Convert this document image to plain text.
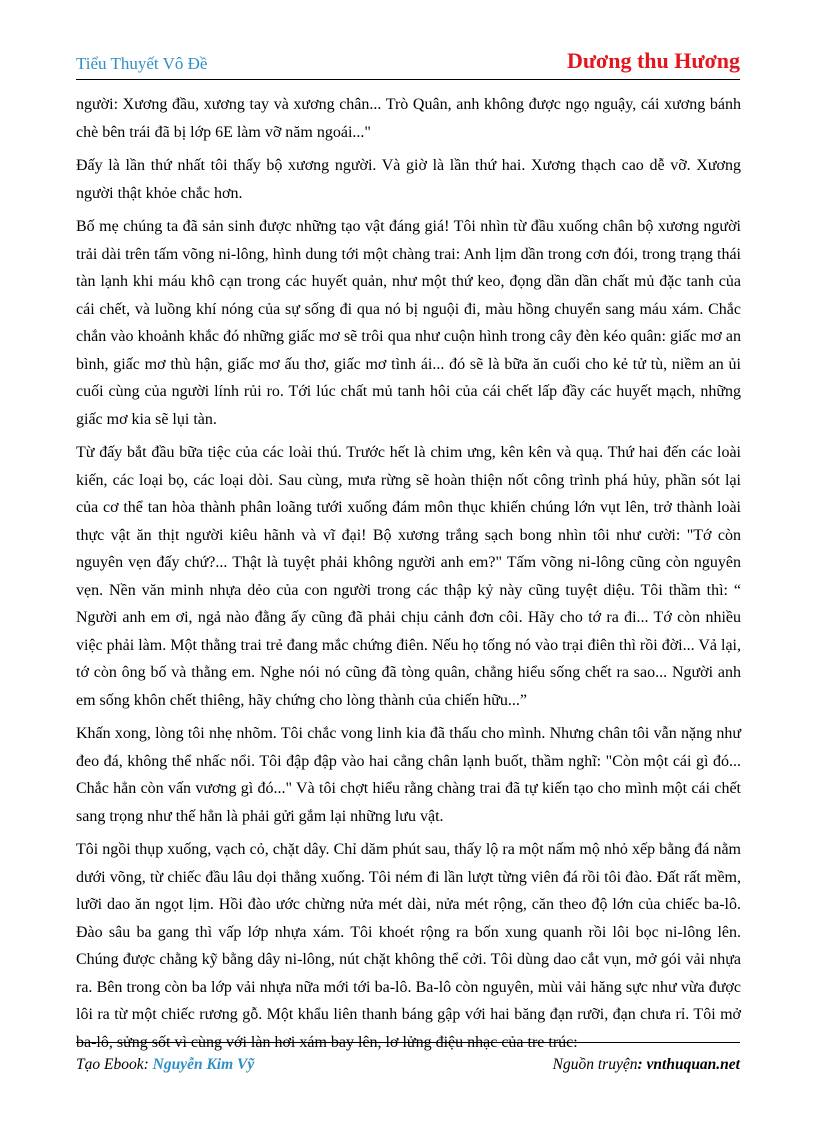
Tiểu Thuyết Vô Đề	Dương thu Hương

người: Xương đầu, xương tay và xương chân... Trò Quân, anh không được ngọ nguậy, cái xương bánh chè bên trái đã bị lớp 6E làm vỡ năm ngoái..."

Đấy là lần thứ nhất tôi thấy bộ xương người. Và giờ là lần thứ hai. Xương thạch cao dễ vỡ. Xương người thật khỏe chắc hơn.

Bố mẹ chúng ta đã sản sinh được những tạo vật đáng giá! Tôi nhìn từ đầu xuống chân bộ xương người trải dài trên tấm võng ni-lông, hình dung tới một chàng trai: Anh lịm dần trong cơn đói, trong trạng thái tàn lạnh khi máu khô cạn trong các huyết quản, như một thứ keo, đọng dần dần chất mủ đặc tanh của cái chết, và luồng khí nóng của sự sống đi qua nó bị nguội đi, màu hồng chuyển sang máu xám. Chắc chắn vào khoảnh khắc đó những giấc mơ sẽ trôi qua như cuộn hình trong cây đèn kéo quân: giấc mơ an bình, giấc mơ thù hận, giấc mơ ấu thơ, giấc mơ tình ái... đó sẽ là bữa ăn cuối cho kẻ tử tù, niềm an ủi cuối cùng của người lính rủi ro. Tới lúc chất mủ tanh hôi của cái chết lấp đầy các huyết mạch, những giấc mơ kia sẽ lụi tàn.

Từ đấy bắt đầu bữa tiệc của các loài thú. Trước hết là chim ưng, kên kên và quạ. Thứ hai đến các loài kiến, các loại bọ, các loại dòi. Sau cùng, mưa rừng sẽ hoàn thiện nốt công trình phá hủy, phần sót lại của cơ thể tan hòa thành phân loãng tưới xuống đám môn thục khiến chúng lớn vụt lên, trở thành loài thực vật ăn thịt người kiêu hãnh và vĩ đại! Bộ xương trắng sạch bong nhìn tôi như cười: "Tớ còn nguyên vẹn đấy chứ?... Thật là tuyệt phải không người anh em?" Tấm võng ni-lông cũng còn nguyên vẹn. Nền văn minh nhựa dẻo của con người trong các thập kỷ này cũng tuyệt diệu. Tôi thầm thì: “ Người anh em ơi, ngả nào đằng ấy cũng đã phải chịu cảnh đơn côi. Hãy cho tớ ra đi... Tớ còn nhiều việc phải làm. Một thằng trai trẻ đang mắc chứng điên. Nếu họ tống nó vào trại điên thì rồi đời... Vả lại, tớ còn ông bố và thằng em. Nghe nói nó cũng đã tòng quân, chẳng hiểu sống chết ra sao... Người anh em sống khôn chết thiêng, hãy chứng cho lòng thành của chiến hữu...”

Khấn xong, lòng tôi nhẹ nhõm. Tôi chắc vong linh kia đã thấu cho mình. Nhưng chân tôi vẫn nặng như đeo đá, không thể nhấc nổi. Tôi đập đập vào hai cẳng chân lạnh buốt, thầm nghĩ: "Còn một cái gì đó... Chắc hẳn còn vấn vương gì đó..." Và tôi chợt hiểu rằng chàng trai đã tự kiến tạo cho mình một cái chết sang trọng như thế hẳn là phải gửi gắm lại những lưu vật.

Tôi ngồi thụp xuống, vạch cỏ, chặt dây. Chỉ dăm phút sau, thấy lộ ra một nấm mộ nhỏ xếp bằng đá nằm dưới võng, từ chiếc đầu lâu dọi thẳng xuống. Tôi ném đi lần lượt từng viên đá rồi tôi đào. Đất rất mềm, lưỡi dao ăn ngọt lịm. Hồi đào ước chừng nửa mét dài, nửa mét rộng, căn theo độ lớn của chiếc ba-lô. Đào sâu ba gang thì vấp lớp nhựa xám. Tôi khoét rộng ra bốn xung quanh rồi lôi bọc ni-lông lên. Chúng được chằng kỹ bằng dây ni-lông, nút chặt không thể cởi. Tôi dùng dao cắt vụn, mở gói vải nhựa ra. Bên trong còn ba lớp vải nhựa nữa mới tới ba-lô. Ba-lô còn nguyên, mùi vải hăng sực như vừa được lôi ra từ một chiếc rương gỗ. Một khẩu liên thanh báng gập với hai băng đạn rưỡi, đạn chưa rỉ. Tôi mở ba-lô, sửng sốt vì cùng với làn hơi xám bay lên, lơ lửng điệu nhạc của tre trúc:

Tạo Ebook: Nguyễn Kim Vỹ	Nguồn truyện: vnthuquan.net
